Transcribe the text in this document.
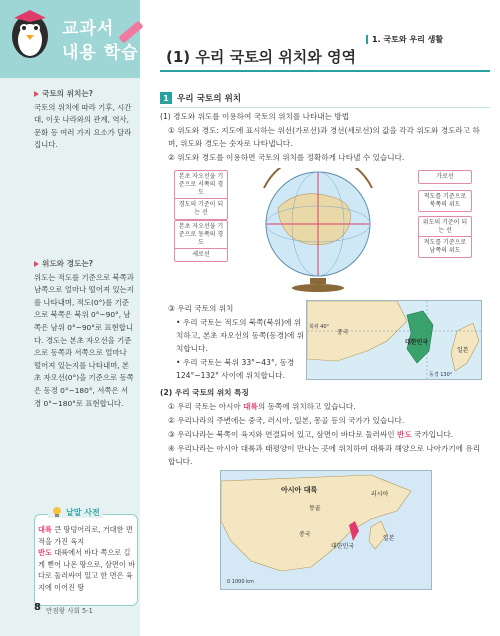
교과서
내용 학습
국토의 위치는?
국토의 위치에 따라 기후, 시간대, 이웃 나라와의 관계, 역사, 문화 등 여러 가지 요소가 달라집니다.
위도와 경도는?
위도는 적도를 기준으로 북쪽과 남쪽으로 얼마나 떨어져 있는지를 나타내며, 적도(0°)를 기준으로 북쪽은 북위 0°~90°, 남쪽은 남위 0°~90°로 표현합니다. 경도는 본초 자오선을 기준으로 동쪽과 서쪽으로 얼마나 떨어져 있는지를 나타내며, 본초 자오선(0°)을 기준으로 동쪽은 동경 0°~180°, 서쪽은 서경 0°~180°로 표현합니다.
낱말 사전
대륙 큰 땅덩어리로, 거대한 면적을 가진 육지
반도 대륙에서 바다 쪽으로 길게 뻗어 나온 땅으로, 삼면이 바다로 둘러싸여 있고 한 면은 육지에 이어진 땅
8 만점왕 사회 5-1
1. 국토와 우리 생활
(1) 우리 국토의 위치와 영역
1 우리 국토의 위치
(1) 경도와 위도를 이용하여 국토의 위치를 나타내는 방법
① 위도와 경도: 지도에 표시하는 위선(가로선)과 경선(세로선)의 값을 각각 위도와 경도라고 하며, 위도와 경도는 숫자로 나타냅니다.
② 위도와 경도를 이용하면 국토의 위치를 정확하게 나타낼 수 있습니다.
본초 자오선을 기준으로 서쪽의 경도
경도의 기준이 되는 선
본초 자오선을 기준으로 동쪽의 경도
세로선
가로선
적도를 기준으로 북쪽의 위도
위도의 기준이 되는 선
적도를 기준으로 남쪽의 위도
③ 우리 국토의 위치
• 우리 국토는 적도의 북쪽(북위)에 위치하고, 본초 자오선의 동쪽(동경)에 위치합니다.
• 우리 국토는 북위 33°~43°, 동경 124°~132° 사이에 위치합니다.
중국
대한민국
일본
북위 40°
동경 130°
(2) 우리 국토의 위치 특징
① 우리 국토는 아시아 대륙의 동쪽에 위치하고 있습니다.
② 우리나라의 주변에는 중국, 러시아, 일본, 몽골 등의 국가가 있습니다.
③ 우리나라는 북쪽이 육지와 연결되어 있고, 삼면이 바다로 둘러싸인 반도 국가입니다.
④ 우리나라는 아시아 대륙과 태평양이 만나는 곳에 위치하여 대륙과 해양으로 나아가기에 유리합니다.
아시아 대륙
몽골
중국
러시아
일본
대한민국
0 1000 km
